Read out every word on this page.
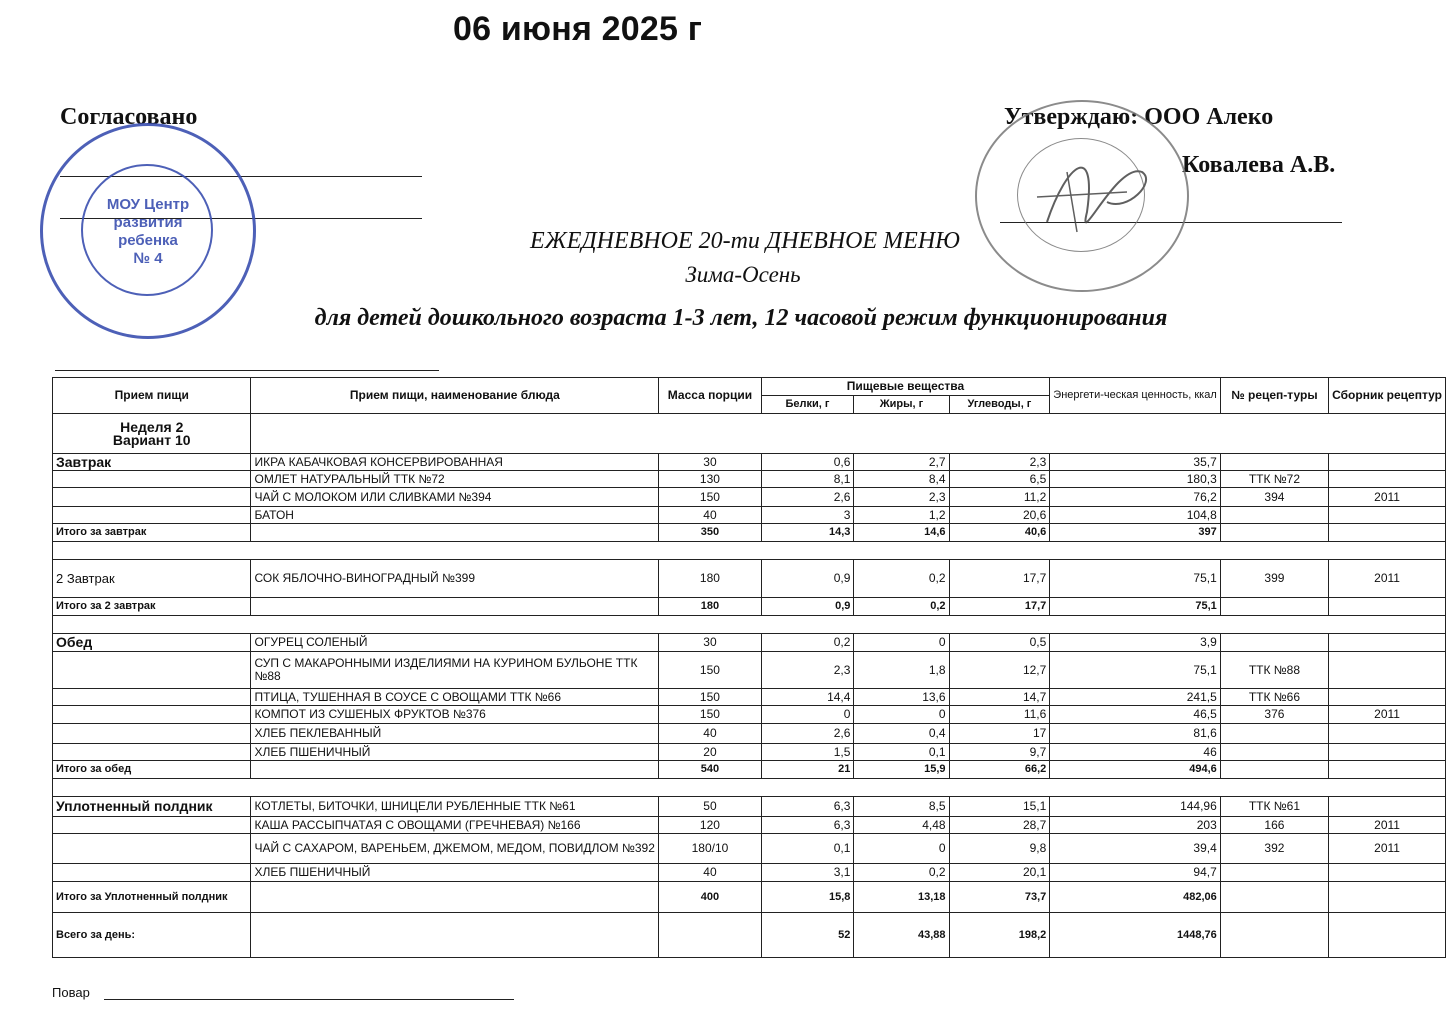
06 июня 2025 г
Согласовано
МОУ Центр
развития ребенка
№ 4
Утверждаю: ООО Алеко
Ковалева А.В.
ЕЖЕДНЕВНОЕ 20-ти ДНЕВНОЕ МЕНЮ
Зима-Осень
для детей дошкольного возраста 1-3 лет, 12 часовой режим функционирования
Прием пищи	Прием пищи, наименование блюда	Масса порции	Пищевые вещества			Энергети-ческая ценность, ккал	№ рецеп-туры	Сборник рецептур
			Белки, г	Жиры, г	Углеводы, г			

Неделя 2
Вариант 10								

Завтрак	ИКРА КАБАЧКОВАЯ КОНСЕРВИРОВАННАЯ	30	0,6	2,7	2,3	35,7		
	ОМЛЕТ НАТУРАЛЬНЫЙ ТТК №72	130	8,1	8,4	6,5	180,3	ТТК №72	
	ЧАЙ С МОЛОКОМ ИЛИ СЛИВКАМИ №394	150	2,6	2,3	11,2	76,2	394	2011
	БАТОН	40	3	1,2	20,6	104,8		
Итого за завтрак		350	14,3	14,6	40,6	397		

2 Завтрак	СОК ЯБЛОЧНО-ВИНОГРАДНЫЙ №399	180	0,9	0,2	17,7	75,1	399	2011
Итого за 2 завтрак		180	0,9	0,2	17,7	75,1		

Обед	ОГУРЕЦ СОЛЕНЫЙ	30	0,2	0	0,5	3,9		
	СУП С МАКАРОННЫМИ ИЗДЕЛИЯМИ НА КУРИНОМ БУЛЬОНЕ ТТК №88	150	2,3	1,8	12,7	75,1	ТТК №88	
	ПТИЦА, ТУШЕННАЯ В СОУСЕ С ОВОЩАМИ ТТК №66	150	14,4	13,6	14,7	241,5	ТТК №66	
	КОМПОТ ИЗ СУШЕНЫХ ФРУКТОВ №376	150	0	0	11,6	46,5	376	2011
	ХЛЕБ ПЕКЛЕВАННЫЙ	40	2,6	0,4	17	81,6		
	ХЛЕБ ПШЕНИЧНЫЙ	20	1,5	0,1	9,7	46		
Итого за обед		540	21	15,9	66,2	494,6		

Уплотненный полдник	КОТЛЕТЫ, БИТОЧКИ, ШНИЦЕЛИ РУБЛЕННЫЕ ТТК №61	50	6,3	8,5	15,1	144,96	ТТК №61	
	КАША РАССЫПЧАТАЯ С ОВОЩАМИ (ГРЕЧНЕВАЯ) №166	120	6,3	4,48	28,7	203	166	2011
	ЧАЙ С САХАРОМ, ВАРЕНЬЕМ, ДЖЕМОМ, МЕДОМ, ПОВИДЛОМ №392	180/10	0,1	0	9,8	39,4	392	2011
	ХЛЕБ ПШЕНИЧНЫЙ	40	3,1	0,2	20,1	94,7		
Итого за Уплотненный полдник		400	15,8	13,18	73,7	482,06		
Всего за день:			52	43,88	198,2	1448,76		
Повар
